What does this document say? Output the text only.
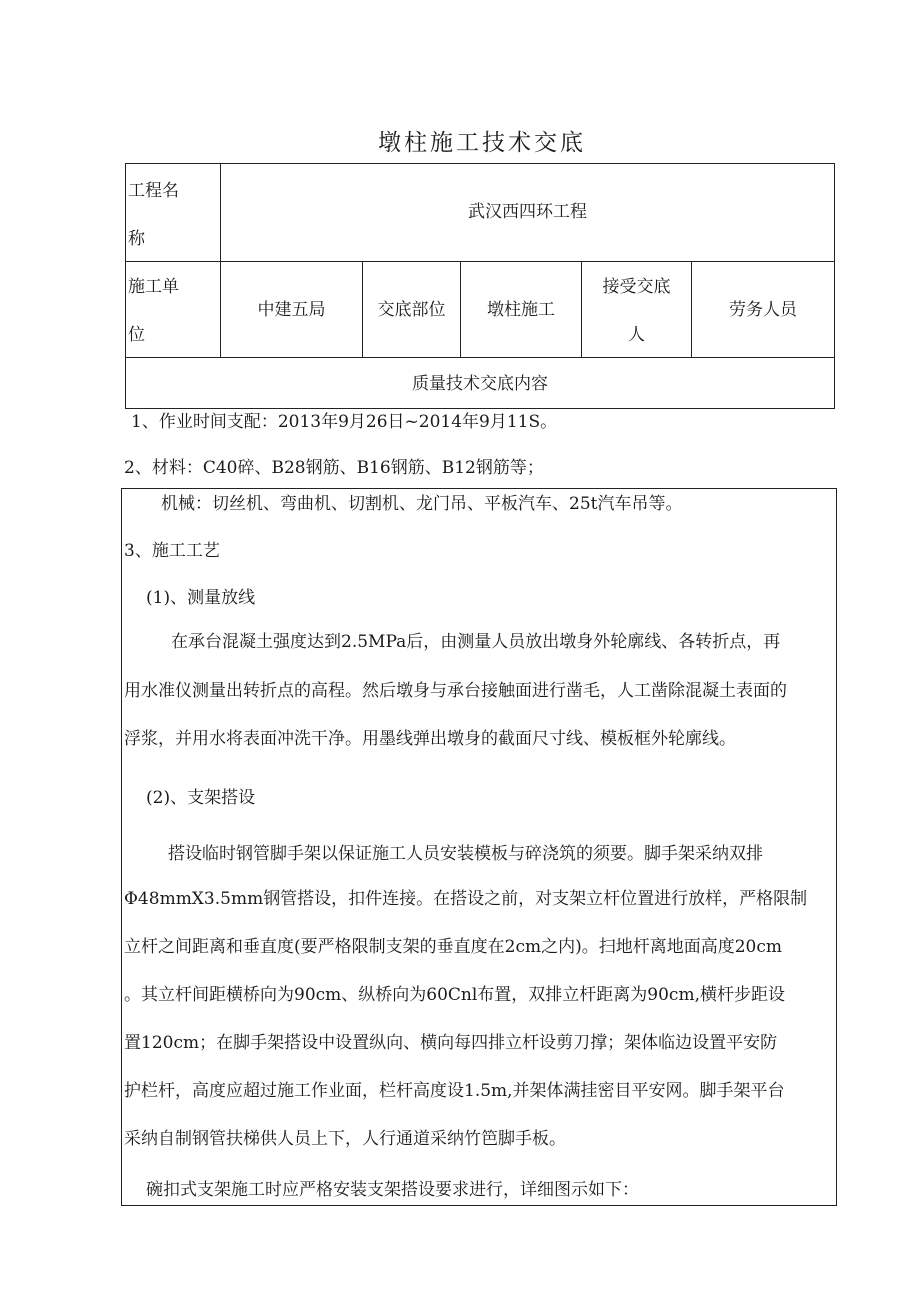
墩柱施工技术交底
工程名
称
武汉西四环工程
施工单
位
中建五局	交底部位	墩柱施工
接受交底
人
劳务人员
质量技术交底内容
1、作业时间支配：2013年9月26日~2014年9月11S。
2、材料：C40碎、B28钢筋、B16钢筋、B12钢筋等；
机械：切丝机、弯曲机、切割机、龙门吊、平板汽车、25t汽车吊等。
3、施工工艺
(1)、测量放线
在承台混凝土强度达到2.5MPa后，由测量人员放出墩身外轮廓线、各转折点，再
用水准仪测量出转折点的高程。然后墩身与承台接触面进行凿毛，人工凿除混凝土表面的
浮浆，并用水将表面冲洗干净。用墨线弹出墩身的截面尺寸线、模板框外轮廓线。
(2)、支架搭设
搭设临时钢管脚手架以保证施工人员安装模板与碎浇筑的须要。脚手架采纳双排
Φ48mmX3.5mm钢管搭设，扣件连接。在搭设之前，对支架立杆位置进行放样，严格限制
立杆之间距离和垂直度(要严格限制支架的垂直度在2cm之内)。扫地杆离地面高度20cm
。其立杆间距横桥向为90cm、纵桥向为60Cnl布置，双排立杆距离为90cm,横杆步距设
置120cm；在脚手架搭设中设置纵向、横向每四排立杆设剪刀撑；架体临边设置平安防
护栏杆，高度应超过施工作业面，栏杆高度设1.5m,并架体满挂密目平安网。脚手架平台
采纳自制钢管扶梯供人员上下，人行通道采纳竹笆脚手板。
碗扣式支架施工时应严格安装支架搭设要求进行，详细图示如下：
